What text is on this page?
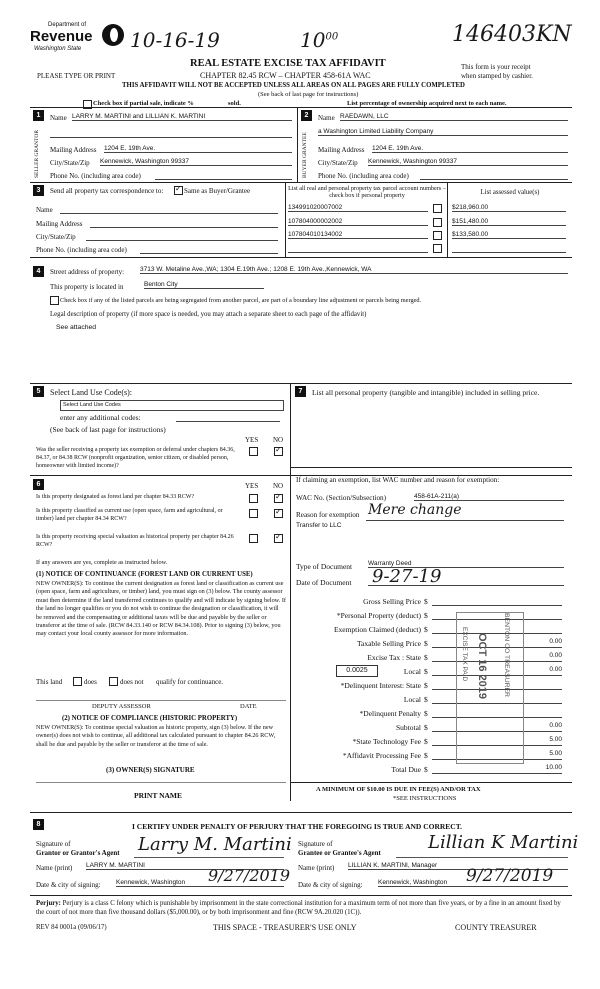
Department of
Revenue
Washington State 10-16-19	$10^{00}$	146403KN
REAL ESTATE EXCISE TAX AFFIDAVIT
CHAPTER 82.45 RCW – CHAPTER 458-61A WAC
PLEASE TYPE OR PRINT
This form is your receipt
when stamped by cashier.
THIS AFFIDAVIT WILL NOT BE ACCEPTED UNLESS ALL AREAS ON ALL PAGES ARE FULLY COMPLETED
(See back of last page for instructions)
Check box if partial sale, indicate %	sold.	List percentage of ownership acquired next to each name.
1
SELLER GRANTOR
Name LARRY M. MARTINI and LILLIAN K. MARTINI
Mailing Address 1204 E. 19th Ave.
City/State/Zip Kennewick, Washington 99337
Phone No. (including area code)
2
BUYER GRANTEE
Name RAEDAWN, LLC
a Washington Limited Liability Company
Mailing Address 1204 E. 19th Ave.
City/State/Zip Kennewick, Washington 99337
Phone No. (including area code)
3	Send all property tax correspondence to:
✓	Same as Buyer/Grantee
Name
Mailing Address
City/State/Zip
Phone No. (including area code)
List all real and personal property tax parcel account numbers – check box if personal property	List assessed value(s)
134991020007002	$218,960.00
107804000002002	$151,480.00
107804010134002	$133,580.00
4	Street address of property: 3713 W. Metaline Ave.,WA; 1304 E.19th Ave.; 1208 E. 19th Ave.,Kennewick, WA
This property is located in	Benton City
Check box if any of the listed parcels are being segregated from another parcel, are part of a boundary line adjustment or parcels being merged.
Legal description of property (if more space is needed, you may attach a separate sheet to each page of the affidavit)
See attached
5	Select Land Use Code(s):
Select Land Use Codes
enter any additional codes:
(See back of last page for instructions)
YES NO
Was the seller receiving a property tax exemption or deferral under chapters 84.36, 84.37, or 84.38 RCW (nonprofit organization, senior citizen, or disabled person, homeowner with limited income)?
✓
7	List all personal property (tangible and intangible) included in selling price.
6	YES NO
Is this property designated as forest land per chapter 84.33 RCW?
✓
Is this property classified as current use (open space, farm and agricultural, or timber) land per chapter 84.34 RCW?
✓
Is this property receiving special valuation as historical property per chapter 84.26 RCW?
✓
If any answers are yes, complete as instructed below.
(1) NOTICE OF CONTINUANCE (FOREST LAND OR CURRENT USE)
NEW OWNER(S): To continue the current designation as forest land or classification as current use (open space, farm and agriculture, or timber) land, you must sign on (3) below. The county assessor must then determine if the land transferred continues to qualify and will indicate by signing below. If the land no longer qualifies or you do not wish to continue the designation or classification, it will be removed and the compensating or additional taxes will be due and payable by the seller or transferor at the time of sale. (RCW 84.33.140 or RCW 84.34.108). Prior to signing (3) below, you may contact your local county assessor for more information.
This land	does	does not qualify for continuance.
DEPUTY ASSESSOR	DATE
(2) NOTICE OF COMPLIANCE (HISTORIC PROPERTY)
NEW OWNER(S): To continue special valuation as historic property, sign (3) below. If the new owner(s) does not wish to continue, all additional tax calculated pursuant to chapter 84.26 RCW, shall be due and payable by the seller or transferor at the time of sale.
(3) OWNER(S) SIGNATURE
PRINT NAME
If claiming an exemption, list WAC number and reason for exemption:
WAC No. (Section/Subsection)	458-61A-211(a)
Reason for exemption Mere change
Transfer to LLC
Type of Document Warranty Deed
Date of Document 9-27-19
Gross Selling Price $
*Personal Property (deduct) $
Exemption Claimed (deduct) $
Taxable Selling Price $	0.00
Excise Tax : State $	0.00
0.0025	Local $	0.00
*Delinquent Interest: State $
Local $
*Delinquent Penalty $
Subtotal $	0.00
*State Technology Fee $	5.00
*Affidavit Processing Fee $	5.00
Total Due $	10.00
EXCISE TAX PAID OCT 16 2019 BENTON CO TREASURER
A MINIMUM OF $10.00 IS DUE IN FEE(S) AND/OR TAX
*SEE INSTRUCTIONS
8	I CERTIFY UNDER PENALTY OF PERJURY THAT THE FOREGOING IS TRUE AND CORRECT.
Signature of
Grantor or Grantor's Agent Larry M. Martini
Name (print) LARRY M. MARTINI
Date & city of signing: Kennewick, Washington	9/27/2019
Signature of
Grantee or Grantee's Agent	Lillian K Martini
Name (print) LILLIAN K. MARTINI, Manager
Date & city of signing: Kennewick, Washington	9/27/2019
Perjury: Perjury is a class C felony which is punishable by imprisonment in the state correctional institution for a maximum term of not more than five years, or by a fine in an amount fixed by the court of not more than five thousand dollars ($5,000.00), or by both imprisonment and fine (RCW 9A.20.020 (1C)).
REV 84 0001a (09/06/17)	THIS SPACE - TREASURER'S USE ONLY	COUNTY TREASURER
